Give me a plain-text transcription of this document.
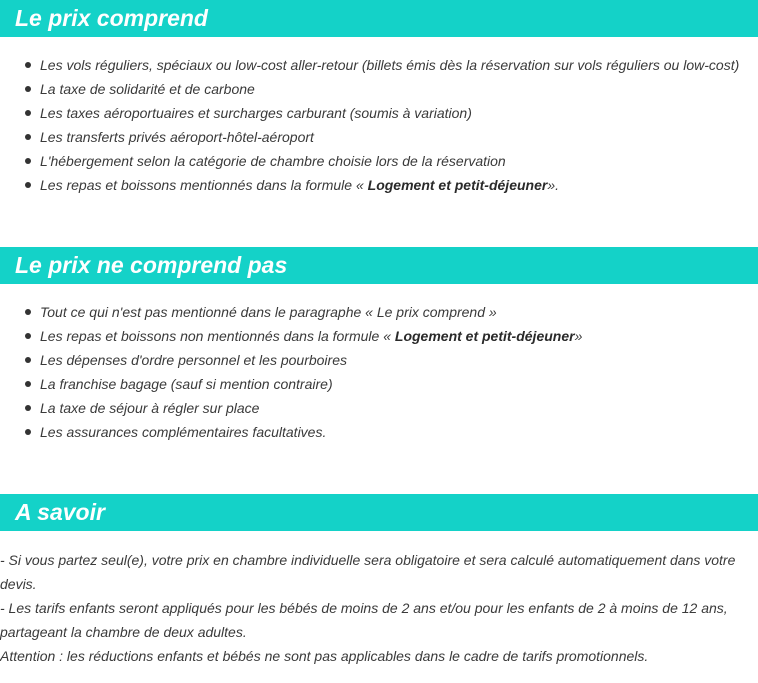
Le prix comprend
Les vols réguliers, spéciaux ou low-cost aller-retour (billets émis dès la réservation sur vols réguliers ou low-cost)
La taxe de solidarité et de carbone
Les taxes aéroportuaires et surcharges carburant (soumis à variation)
Les transferts privés aéroport-hôtel-aéroport
L'hébergement selon la catégorie de chambre choisie lors de la réservation
Les repas et boissons mentionnés dans la formule « Logement et petit-déjeuner».
Le prix ne comprend pas
Tout ce qui n'est pas mentionné dans le paragraphe « Le prix comprend »
Les repas et boissons non mentionnés dans la formule « Logement et petit-déjeuner»
Les dépenses d'ordre personnel et les pourboires
La franchise bagage (sauf si mention contraire)
La taxe de séjour à régler sur place
Les assurances complémentaires facultatives.
A savoir

- Si vous partez seul(e), votre prix en chambre individuelle sera obligatoire et sera calculé automatiquement dans votre devis.

- Les tarifs enfants seront appliqués pour les bébés de moins de 2 ans et/ou pour les enfants de 2 à moins de 12 ans, partageant la chambre de deux adultes.

Attention : les réductions enfants et bébés ne sont pas applicables dans le cadre de tarifs promotionnels.
